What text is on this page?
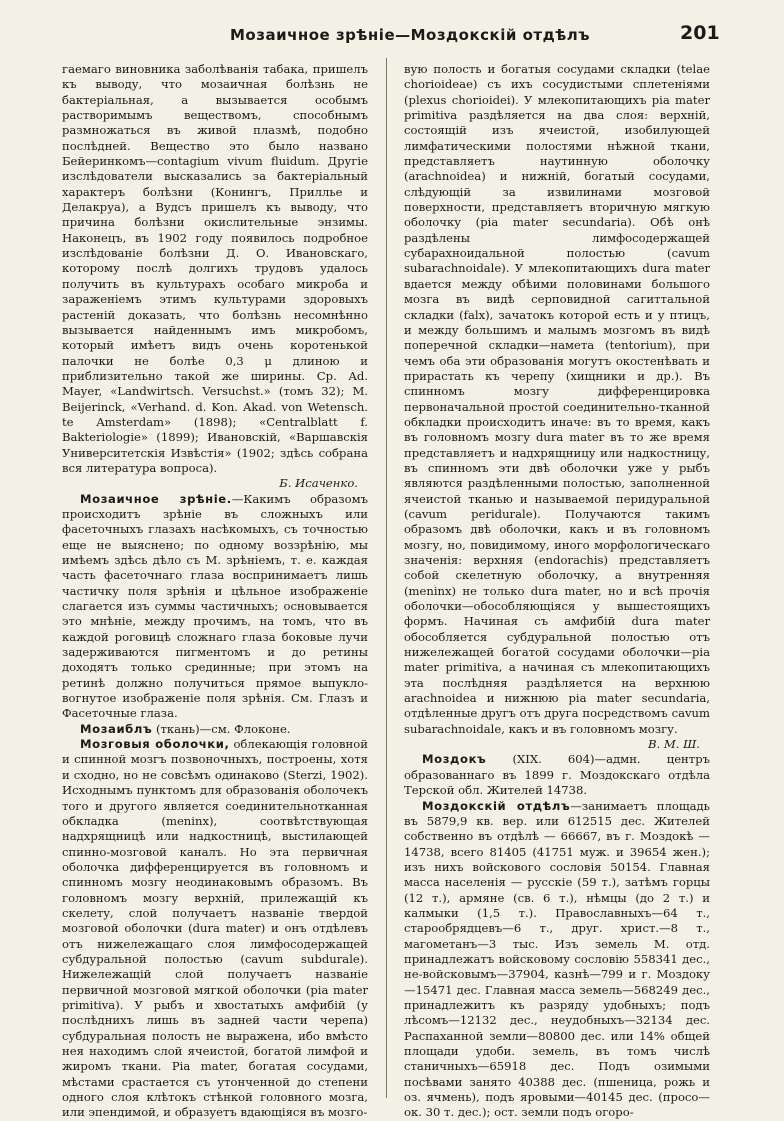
Мозаичное зрѣніе—Моздокскій отдѣлъ	201

гаемаго виновника заболѣванія табака, пришелъ къ выводу, что мозаичная болѣзнь не бактеріальная, а вызывается особымъ растворимымъ веществомъ, способнымъ размножаться въ живой плазмѣ, подобно послѣдней. Вещество это было названо Бейеринкомъ—contagium vivum fluidum. Другіе изслѣдователи высказались за бактеріальный характеръ болѣзни (Конингъ, Приллье и Делакруа), а Вудсъ пришелъ къ выводу, что причина болѣзни окислительные энзимы. Наконецъ, въ 1902 году появилось подробное изслѣдованіе болѣзни Д. О. Ивановскаго, которому послѣ долгихъ трудовъ удалось получить въ культурахъ особаго микроба и зараженіемъ этимъ культурами здоровыхъ растеній доказать, что болѣзнь несомнѣнно вызывается найденнымъ имъ микробомъ, который имѣетъ видъ очень коротенькой палочки не болѣе 0,3 μ длиною и приблизительно такой же ширины. Ср. Ad. Mayer, «Landwirtsch. Versuchst.» (томъ 32); M. Beijerinck, «Verhand. d. Kon. Akad. von Wetensch. te Amsterdam» (1898); «Centralblatt f. Bakteriologie» (1899); Ивановскій, «Варшавскія Университетскія Извѣстія» (1902; здѣсь собрана вся литература вопроса).

Б. Исаченко.

Мозаичное зрѣніе.—Какимъ образомъ происходитъ зрѣніе въ сложныхъ или фасеточныхъ глазахъ насѣкомыхъ, съ точностью еще не выяснено; по одному воззрѣнію, мы имѣемъ здѣсь дѣло съ М. зрѣніемъ, т. е. каждая часть фасеточнаго глаза воспринимаетъ лишь частичку поля зрѣнія и цѣльное изображеніе слагается изъ суммы частичныхъ; основывается это мнѣніе, между прочимъ, на томъ, что въ каждой роговицѣ сложнаго глаза боковые лучи задерживаются пигментомъ и до ретины доходятъ только срединные; при этомъ на ретинѣ должно получиться прямое выпукло-вогнутое изображеніе поля зрѣнія. См. Глазъ и Фасеточные глаза.

Мозаиблъ (ткань)—см. Флоконе.

Мозговыя оболочки, облекающія головной и спинной мозгъ позвоночныхъ, построены, хотя и сходно, но не совсѣмъ одинаково (Sterzi, 1902). Исходнымъ пунктомъ для образованія оболочекъ того и другого является соединительнотканная обкладка (meninx), соотвѣтствующая надхрящницѣ или надкостницѣ, выстилающей спинно-мозговой каналъ. Но эта первичная оболочка дифференцируется въ головномъ и спинномъ мозгу неодинаковымъ образомъ. Въ головномъ мозгу верхній, прилежащій къ скелету, слой получаетъ названіе твердой мозговой оболочки (dura mater) и онъ отдѣлевъ отъ нижележащаго слоя лимфосодержащей субдуральной полостью (cavum subdurale). Нижележащій слой получаетъ названіе первичной мозговой мягкой оболочки (pia mater primitiva). У рыбъ и хвостатыхъ амфибій (у послѣднихъ лишь въ задней части черепа) субдуральная полость не выражена, ибо вмѣсто нея находимъ слой ячеистой, богатой лимфой и жиромъ ткани. Pia mater, богатая сосудами, мѣстами срастается съ утонченной до степени одного слоя клѣтокъ стѣнкой головного мозга, или эпендимой, и образуетъ вдающіяся въ мозго-

вую полость и богатыя сосудами складки (telae chorioideae) съ ихъ сосудистыми сплетеніями (plexus chorioidei). У млекопитающихъ pia mater primitiva раздѣляется на два слоя: верхній, состоящій изъ ячеистой, изобилующей лимфатическими полостями нѣжной ткани, представляетъ наутинную оболочку (arachnoidea) и нижній, богатый сосудами, слѣдующій за извилинами мозговой поверхности, представляетъ вторичную мягкую оболочку (pia mater secundaria). Обѣ онѣ раздѣлены лимфосодержащей субарахноидальной полостью (cavum subarachnoidale). У млекопитающихъ dura mater вдается между обѣими половинами большого мозга въ видѣ серповидной сагиттальной складки (falx), зачатокъ которой есть и у птицъ, и между большимъ и малымъ мозгомъ въ видѣ поперечной складки—намета (tentorium), при чемъ оба эти образованія могутъ окостенѣвать и прирастать къ черепу (хищники и др.). Въ спинномъ мозгу дифференцировка первоначальной простой соединительно-тканной обкладки происходитъ иначе: въ то время, какъ въ головномъ мозгу dura mater въ то же время представляетъ и надхрящницу или надкостницу, въ спинномъ эти двѣ оболочки уже у рыбъ являются раздѣленными полостью, заполненной ячеистой тканью и называемой перидуральной (cavum peridurale). Получаются такимъ образомъ двѣ оболочки, какъ и въ головномъ мозгу, но, повидимому, иного морфологическаго значенія: верхняя (endorachis) представляетъ собой скелетную оболочку, а внутренняя (meninx) не только dura mater, но и всѣ прочія оболочки—обособляющіяся у вышестоящихъ формъ. Начиная съ амфибій dura mater обособляется субдуральной полостью отъ нижележащей богатой сосудами оболочки—pia mater primitiva, а начиная съ млекопитающихъ эта послѣдняя раздѣляется на верхнюю arachnoidea и нижнюю pia mater secundaria, отдѣленные другъ отъ друга посредствомъ cavum subarachnoidale, какъ и въ головномъ мозгу.

В. М. Ш.

Моздокъ (XIX. 604)—адмн. центръ образованнаго въ 1899 г. Моздокскаго отдѣла Терской обл. Жителей 14738.

Моздокскій отдѣлъ—занимаетъ площадь въ 5879,9 кв. вер. или 612515 дес. Жителей собственно въ отдѣлѣ — 66667, въ г. Моздокѣ — 14738, всего 81405 (41751 муж. и 39654 жен.); изъ нихъ войскового сословія 50154. Главная масса населенія — русскіе (59 т.), затѣмъ горцы (12 т.), армяне (св. 6 т.), нѣмцы (до 2 т.) и калмыки (1,5 т.). Православныхъ—64 т., старообрядцевъ—6 т., друг. христ.—8 т., магометанъ—3 тыс. Изъ земель М. отд. принадлежатъ войсковому сословію 558341 дес., не-войсковымъ—37904, казнѣ—799 и г. Моздоку—15471 дес. Главная масса земель—568249 дес., принадлежитъ къ разряду удобныхъ; подъ лѣсомъ—12132 дес., неудобныхъ—32134 дес. Распаханной земли—80800 дес. или 14% общей площади удоби. земель, въ томъ числѣ станичныхъ—65918 дес. Подъ озимыми посѣвами занято 40388 дес. (пшеница, рожь и оз. ячмень), подъ яровыми—40145 дес. (просо—ок. 30 т. дес.); ост. земли подъ огоро-
